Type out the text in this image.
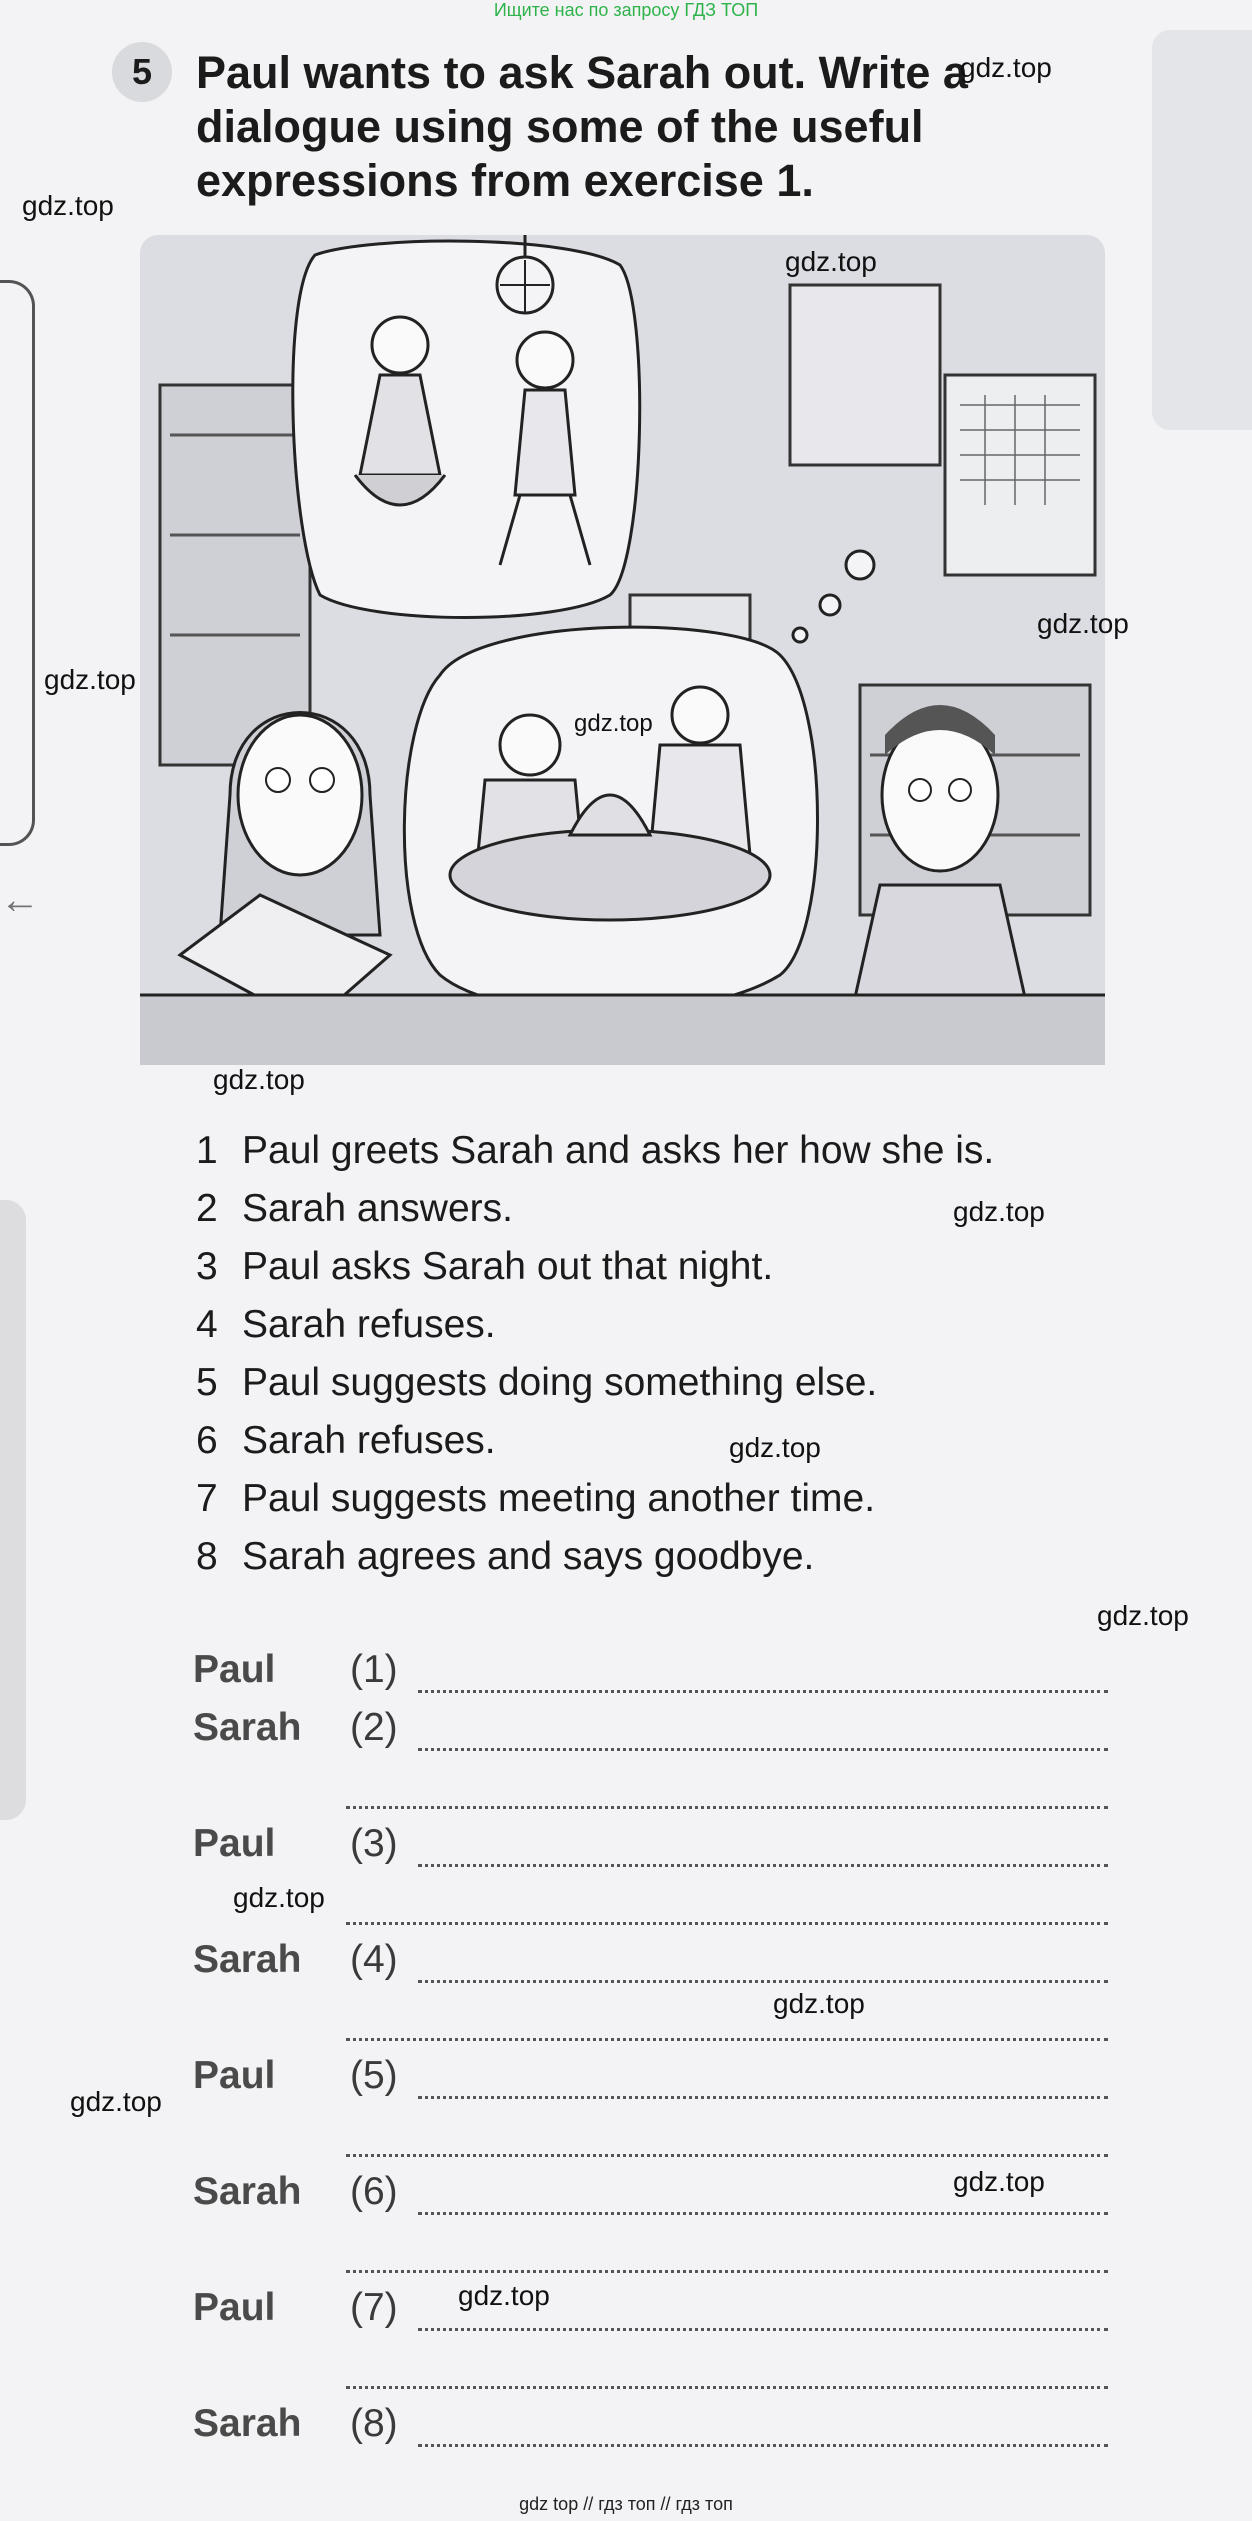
←
Ищите нас по запросу ГДЗ ТОП
5 Paul wants to ask Sarah out. Write a dialogue using some of the useful expressions from exercise 1.
gdz.top
gdz.top
gdz.top
gdz.top
gdz.top
gdz.top
gdz.top
gdz.top
gdz.top
gdz.top
gdz.top
gdz.top
gdz.top
gdz.top
gdz.top
1 Paul greets Sarah and asks her how she is.
2 Sarah answers.
3 Paul asks Sarah out that night.
4 Sarah refuses.
5 Paul suggests doing something else.
6 Sarah refuses.
7 Paul suggests meeting another time.
8 Sarah agrees and says goodbye.
Paul (1)
Sarah (2)
Paul (3)
Sarah (4)
Paul (5)
Sarah (6)
Paul (7)
Sarah (8)
gdz top // гдз топ // гдз топ
